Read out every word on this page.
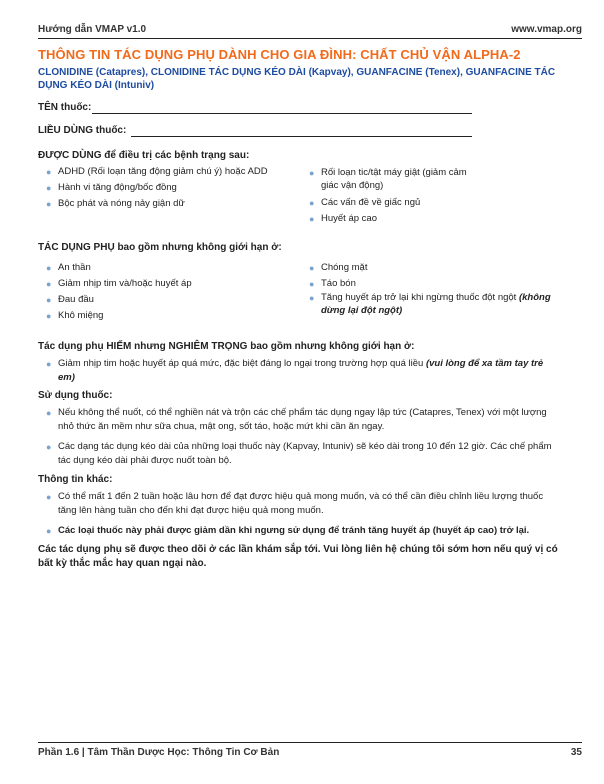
Hướng dẫn VMAP v1.0	www.vmap.org
THÔNG TIN TÁC DỤNG PHỤ DÀNH CHO GIA ĐÌNH: CHẤT CHỦ VẬN ALPHA-2
CLONIDINE (Catapres), CLONIDINE TÁC DỤNG KÉO DÀI (Kapvay), GUANFACINE (Tenex), GUANFACINE TÁC DỤNG KÉO DÀI (Intuniv)
TÊN thuốc:
LIỀU DÙNG thuốc:
ĐƯỢC DÙNG để điều trị các bệnh trạng sau:
● ADHD (Rối loạn tăng động giảm chú ý) hoặc ADD
● Hành vi tăng động/bốc đồng
● Bộc phát và nóng nảy giận dữ
● Rối loạn tic/tật máy giật (giảm cảm giác vận động)
● Các vấn đề về giấc ngủ
● Huyết áp cao
TÁC DỤNG PHỤ bao gồm nhưng không giới hạn ở:
● An thần
● Giảm nhịp tim và/hoặc huyết áp
● Đau đầu
● Khô miệng
● Chóng mặt
● Táo bón
● Tăng huyết áp trở lại khi ngừng thuốc đột ngột (không dừng lại đột ngột)
Tác dụng phụ HIẾM nhưng NGHIÊM TRỌNG bao gồm nhưng không giới hạn ở:
● Giảm nhịp tim hoặc huyết áp quá mức, đặc biệt đáng lo ngại trong trường hợp quá liều (vui lòng để xa tầm tay trẻ em)
Sử dụng thuốc:
● Nếu không thể nuốt, có thể nghiền nát và trộn các chế phẩm tác dụng ngay lập tức (Catapres, Tenex) với một lượng nhỏ thức ăn mềm như sữa chua, mật ong, sốt táo, hoặc mứt khi cần ăn ngay.
● Các dạng tác dụng kéo dài của những loại thuốc này (Kapvay, Intuniv) sẽ kéo dài trong 10 đến 12 giờ. Các chế phẩm tác dụng kéo dài phải được nuốt toàn bộ.
Thông tin khác:
● Có thể mất 1 đến 2 tuần hoặc lâu hơn để đạt được hiệu quả mong muốn, và có thể cần điều chỉnh liều lượng thuốc tăng lên hàng tuần cho đến khi đạt được hiệu quả mong muốn.
● Các loại thuốc này phải được giảm dần khi ngưng sử dụng để tránh tăng huyết áp (huyết áp cao) trở lại.
Các tác dụng phụ sẽ được theo dõi ở các lần khám sắp tới. Vui lòng liên hệ chúng tôi sớm hơn nếu quý vị có bất kỳ thắc mắc hay quan ngại nào.
Phần 1.6 | Tâm Thần Dược Học: Thông Tin Cơ Bản	35
